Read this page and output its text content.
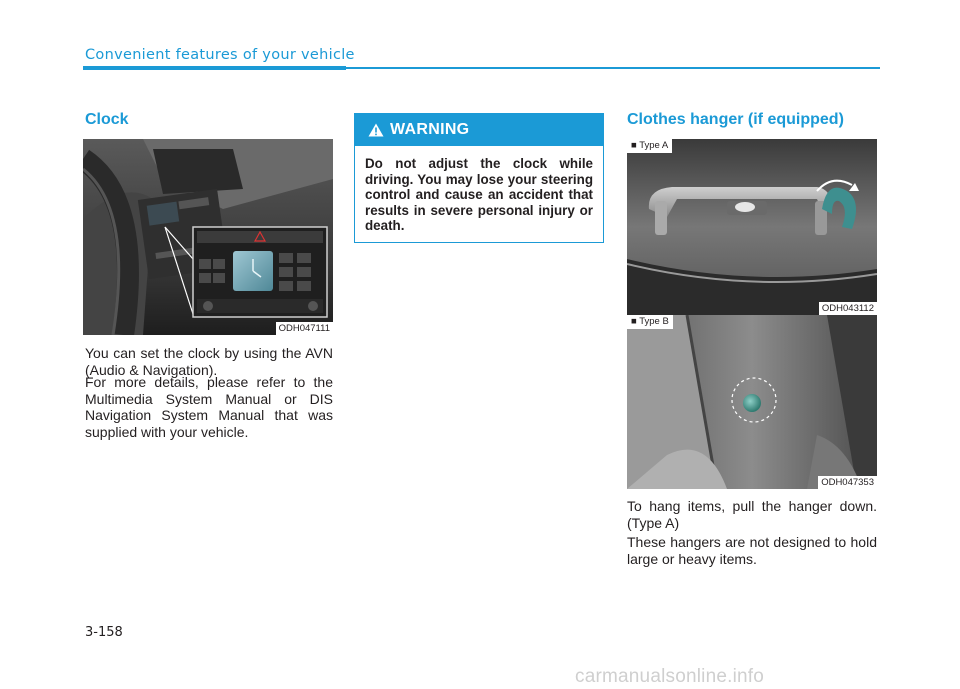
Convenient features of your vehicle
Clock
ODH047111

You can set the clock by using the AVN (Audio & Navigation).

For more details, please refer to the Multimedia System Manual or DIS Navigation System Manual that was supplied with your vehicle.

WARNING

Do not adjust the clock while driving. You may lose your steering control and cause an accident that results in severe personal injury or death.

Clothes hanger (if equipped)
■ Type A
ODH043112
■ Type B
ODH047353

To hang items, pull the hanger down. (Type A)

These hangers are not designed to hold large or heavy items.

3-158
carmanualsonline.info
